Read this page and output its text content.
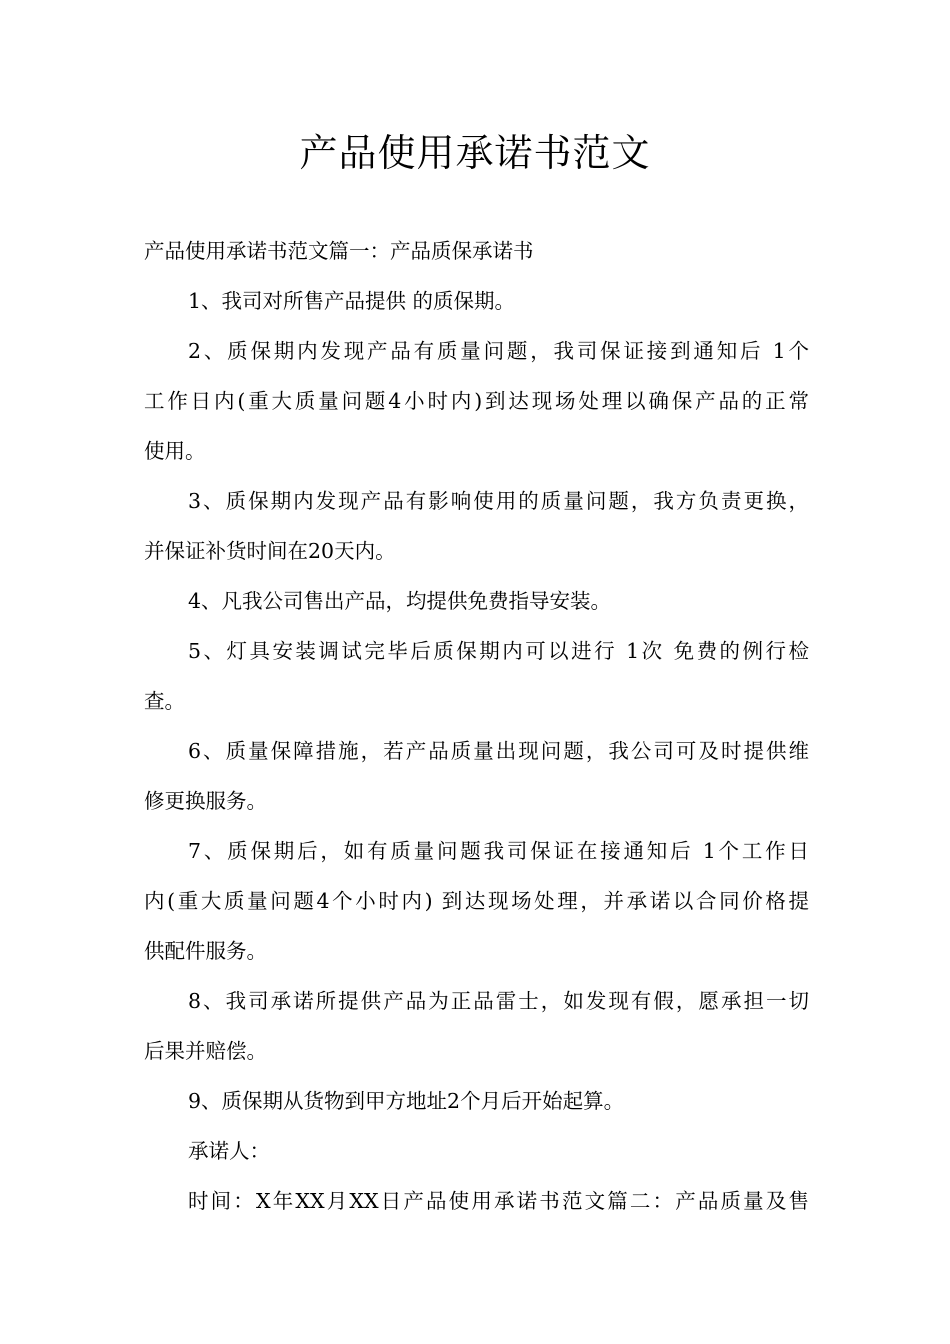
产品使用承诺书范文

产品使用承诺书范文篇一：产品质保承诺书

1、我司对所售产品提供 的质保期。

2、质保期内发现产品有质量问题，我司保证接到通知后 1个

工作日内(重大质量问题4小时内)到达现场处理以确保产品的正常

使用。

3、质保期内发现产品有影响使用的质量问题，我方负责更换，

并保证补货时间在20天内。

4、凡我公司售出产品，均提供免费指导安装。

5、灯具安装调试完毕后质保期内可以进行 1次 免费的例行检

查。

6、质量保障措施，若产品质量出现问题，我公司可及时提供维

修更换服务。

7、质保期后，如有质量问题我司保证在接通知后 1个工作日

内(重大质量问题4个小时内) 到达现场处理，并承诺以合同价格提

供配件服务。

8、我司承诺所提供产品为正品雷士，如发现有假，愿承担一切

后果并赔偿。

9、质保期从货物到甲方地址2个月后开始起算。

承诺人：

时间：X年XX月XX日产品使用承诺书范文篇二：产品质量及售
